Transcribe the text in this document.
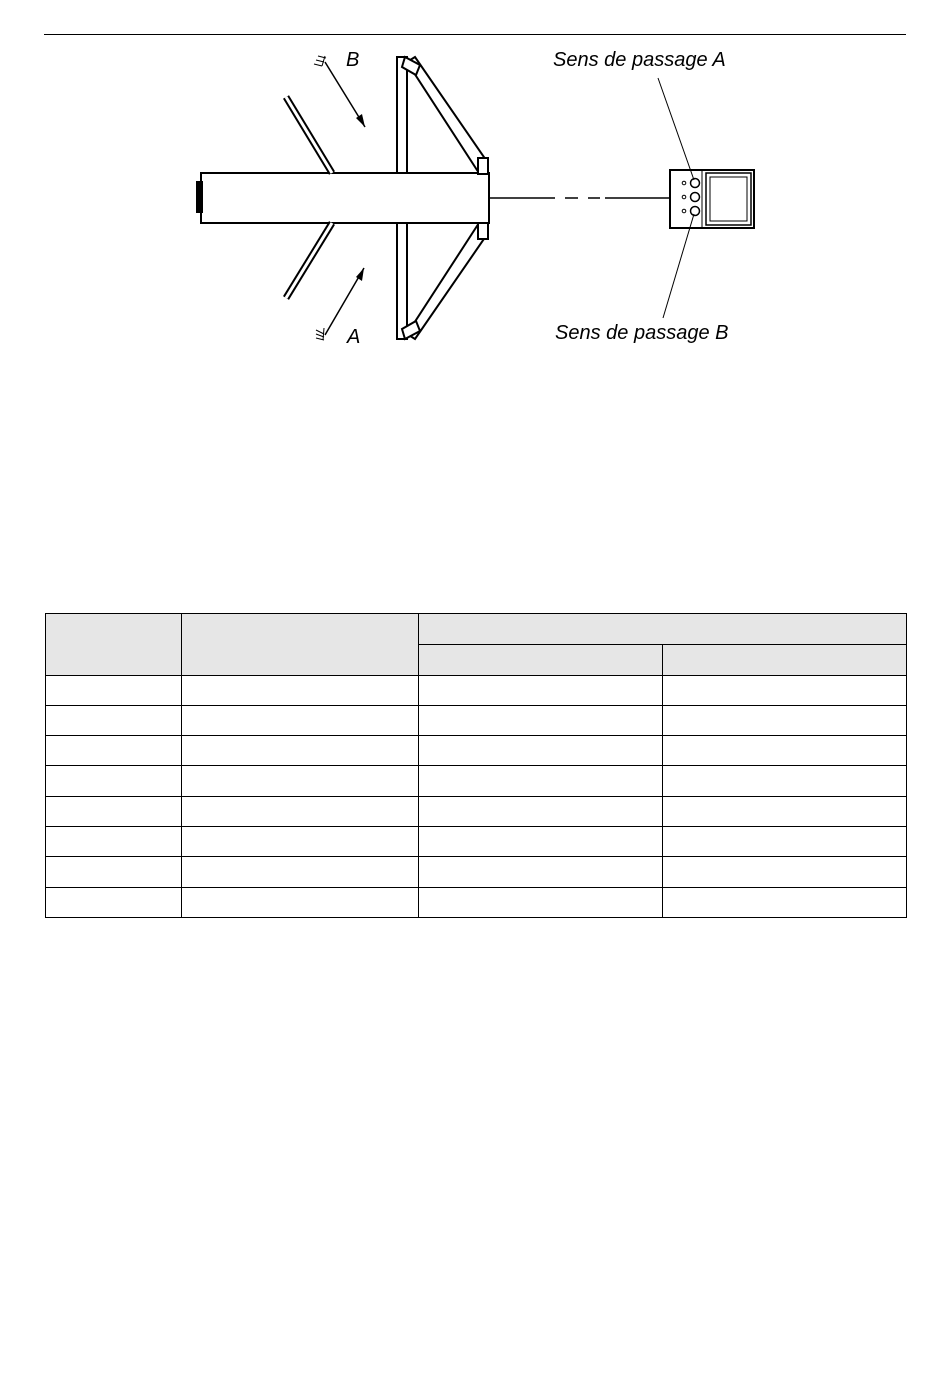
B
A
Sens de passage A
Sens de passage B
